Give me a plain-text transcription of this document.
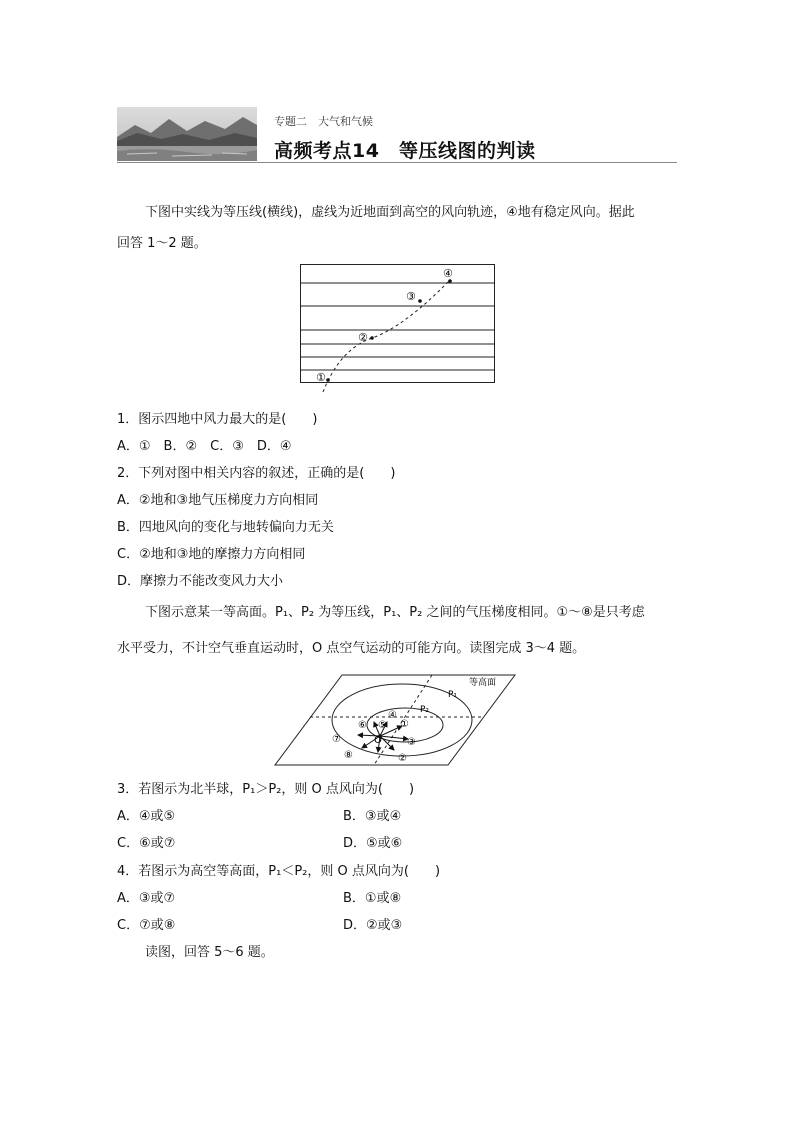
专题二　大气和气候
高频考点14　等压线图的判读
下图中实线为等压线(横线)，虚线为近地面到高空的风向轨迹，④地有稳定风向。据此
回答 1～2 题。
①
②
③
④
1．图示四地中风力最大的是(　　)
A．①　B．②　C．③　D．④
2．下列对图中相关内容的叙述，正确的是(　　)
A．②地和③地气压梯度力方向相同
B．四地风向的变化与地转偏向力无关
C．②地和③地的摩擦力方向相同
D．摩擦力不能改变风力大小
下图示意某一等高面。P₁、P₂ 为等压线，P₁、P₂ 之间的气压梯度相同。①～⑧是只考虑
水平受力，不计空气垂直运动时，O 点空气运动的可能方向。读图完成 3～4 题。
等高面
P₁
P₂
O
①
②
③
④
⑤
⑥
⑦
⑧
3．若图示为北半球，P₁＞P₂，则 O 点风向为(　　)
A．④或⑤	B．③或④
C．⑥或⑦	D．⑤或⑥
4．若图示为高空等高面，P₁＜P₂，则 O 点风向为(　　)
A．③或⑦	B．①或⑧
C．⑦或⑧	D．②或③
读图，回答 5～6 题。
